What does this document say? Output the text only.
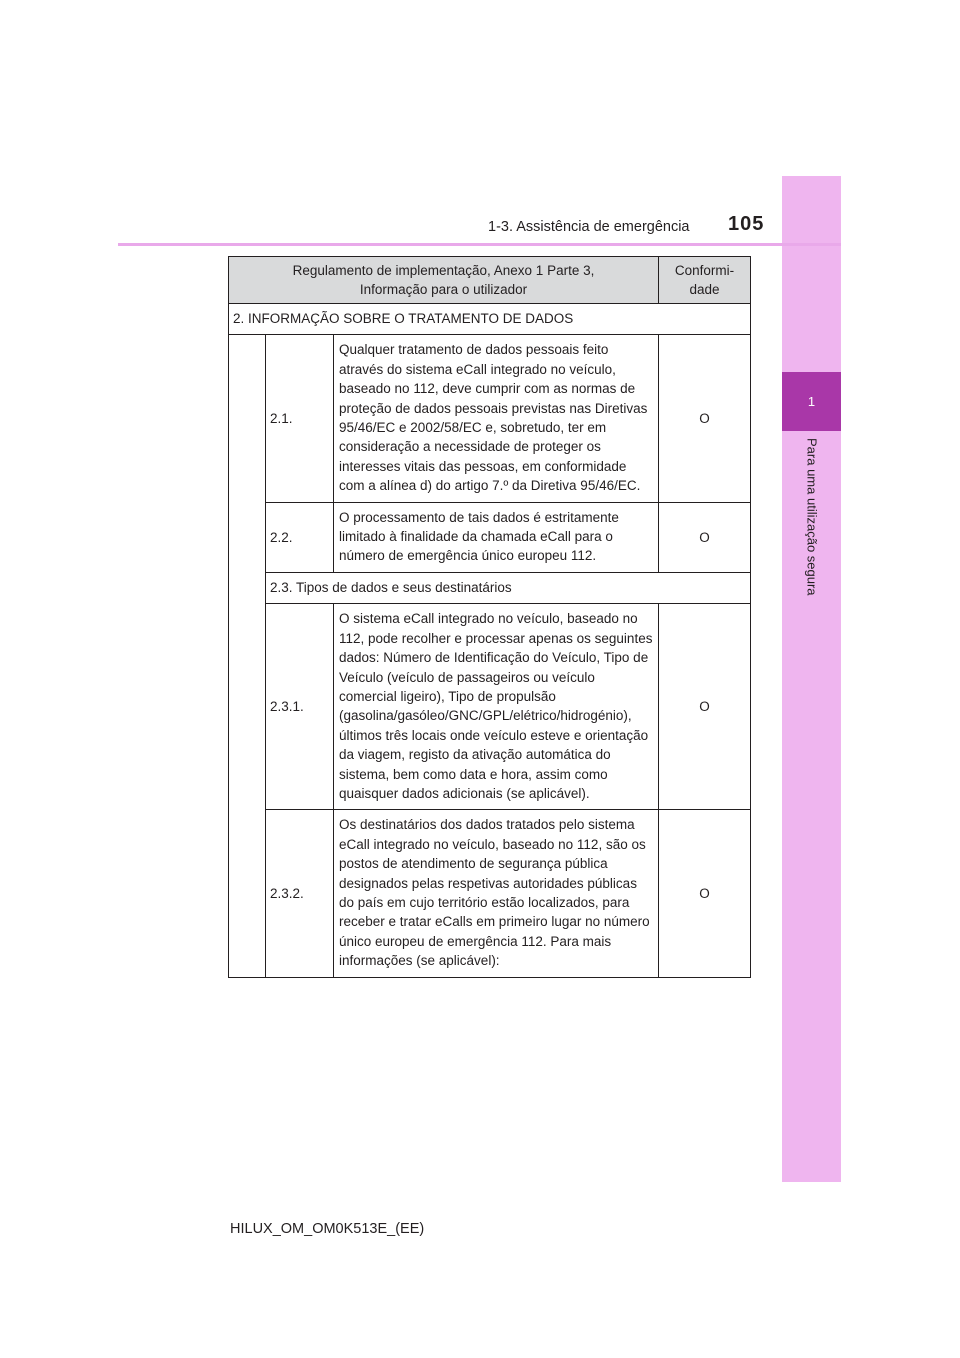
1
Para uma utilização segura
1-3. Assistência de emergência 105
Regulamento de implementação, Anexo 1 Parte 3,
Informação para o utilizador			Conformi-
dade
2. INFORMAÇÃO SOBRE O TRATAMENTO DE DADOS			
	2.1.	Qualquer tratamento de dados pessoais feito através do sistema eCall integrado no veículo, baseado no 112, deve cumprir com as normas de proteção de dados pessoais previstas nas Diretivas 95/46/EC e 2002/58/EC e, sobretudo, ter em consideração a necessidade de proteger os interesses vitais das pessoas, em conformidade com a alínea d) do artigo 7.º da Diretiva 95/46/EC.	O
	2.2.	O processamento de tais dados é estritamente limitado à finalidade da chamada eCall para o número de emergência único europeu 112.	O
	2.3. Tipos de dados e seus destinatários		
	2.3.1.	O sistema eCall integrado no veículo, baseado no 112, pode recolher e processar apenas os seguintes dados: Número de Identificação do Veículo, Tipo de Veículo (veículo de passageiros ou veículo comercial ligeiro), Tipo de propulsão (gasolina/gasóleo/GNC/GPL/elétrico/hidrogénio), últimos três locais onde veículo esteve e orientação da viagem, registo da ativação automática do sistema, bem como data e hora, assim como quaisquer dados adicionais (se aplicável).	O
	2.3.2.	Os destinatários dos dados tratados pelo sistema eCall integrado no veículo, baseado no 112, são os postos de atendimento de segurança pública designados pelas respetivas autoridades públicas do país em cujo território estão localizados, para receber e tratar eCalls em primeiro lugar no número único europeu de emergência 112. Para mais informações (se aplicável):	O
HILUX_OM_OM0K513E_(EE)
